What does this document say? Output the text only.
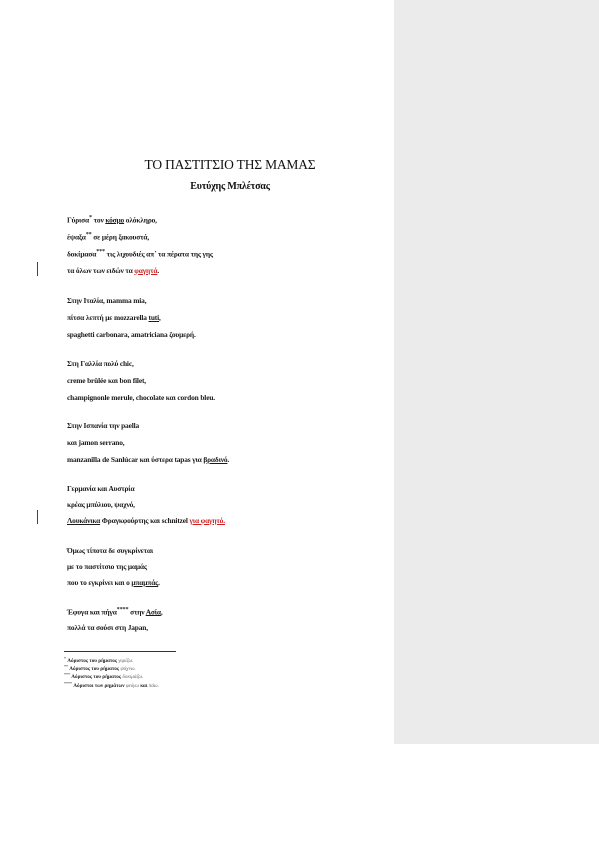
ΤΟ ΠΑΣΤΙΤΣΙΟ ΤΗΣ ΜΑΜΑΣ
Ευτύχης Μπλέτσας
Γύρισα* τον κόσμο ολόκληρο,
έψαξα** σε μέρη ξακουστά,
δοκίμασα*** τις λιχουδιές απ΄ τα πέρατα της γης
τα όλων των ειδών τα φαγητά.
Στην Ιταλία, mamma mia,
πίτσα λεπτή με mozzarella tuti,
spaghetti carbonara, amatriciana ζουμερή.
Στη Γαλλία πολύ chic,
creme brûlée και bon filet,
champignonle merule, chocolate και cordon bleu.
Στην Ισπανία την paella
και jamon serrano,
manzanilla de Sanlúcar και ύστερα tapas για βραδινό.
Γερμανία και Αυστρία
κρέας μπύλιου, ψαχνό,
Λουκάνικα Φραγκφούρτης και schnitzel για φαγητό.
Όμως τίποτα δε συγκρίνεται
με το παστίτσιο της μαμάς
που το εγκρίνει και ο μπαμπάς.
Έφυγα και πήγα**** στην Ασία,
πολλά τα σούσι στη Japan,
* Αόριστος του ρήματος γυρίζω.
** Αόριστος του ρήματος ψάχνω.
*** Αόριστος του ρήματος δοκιμάζω.
**** Αόριστοι των ρημάτων φεύγω και πάω.
